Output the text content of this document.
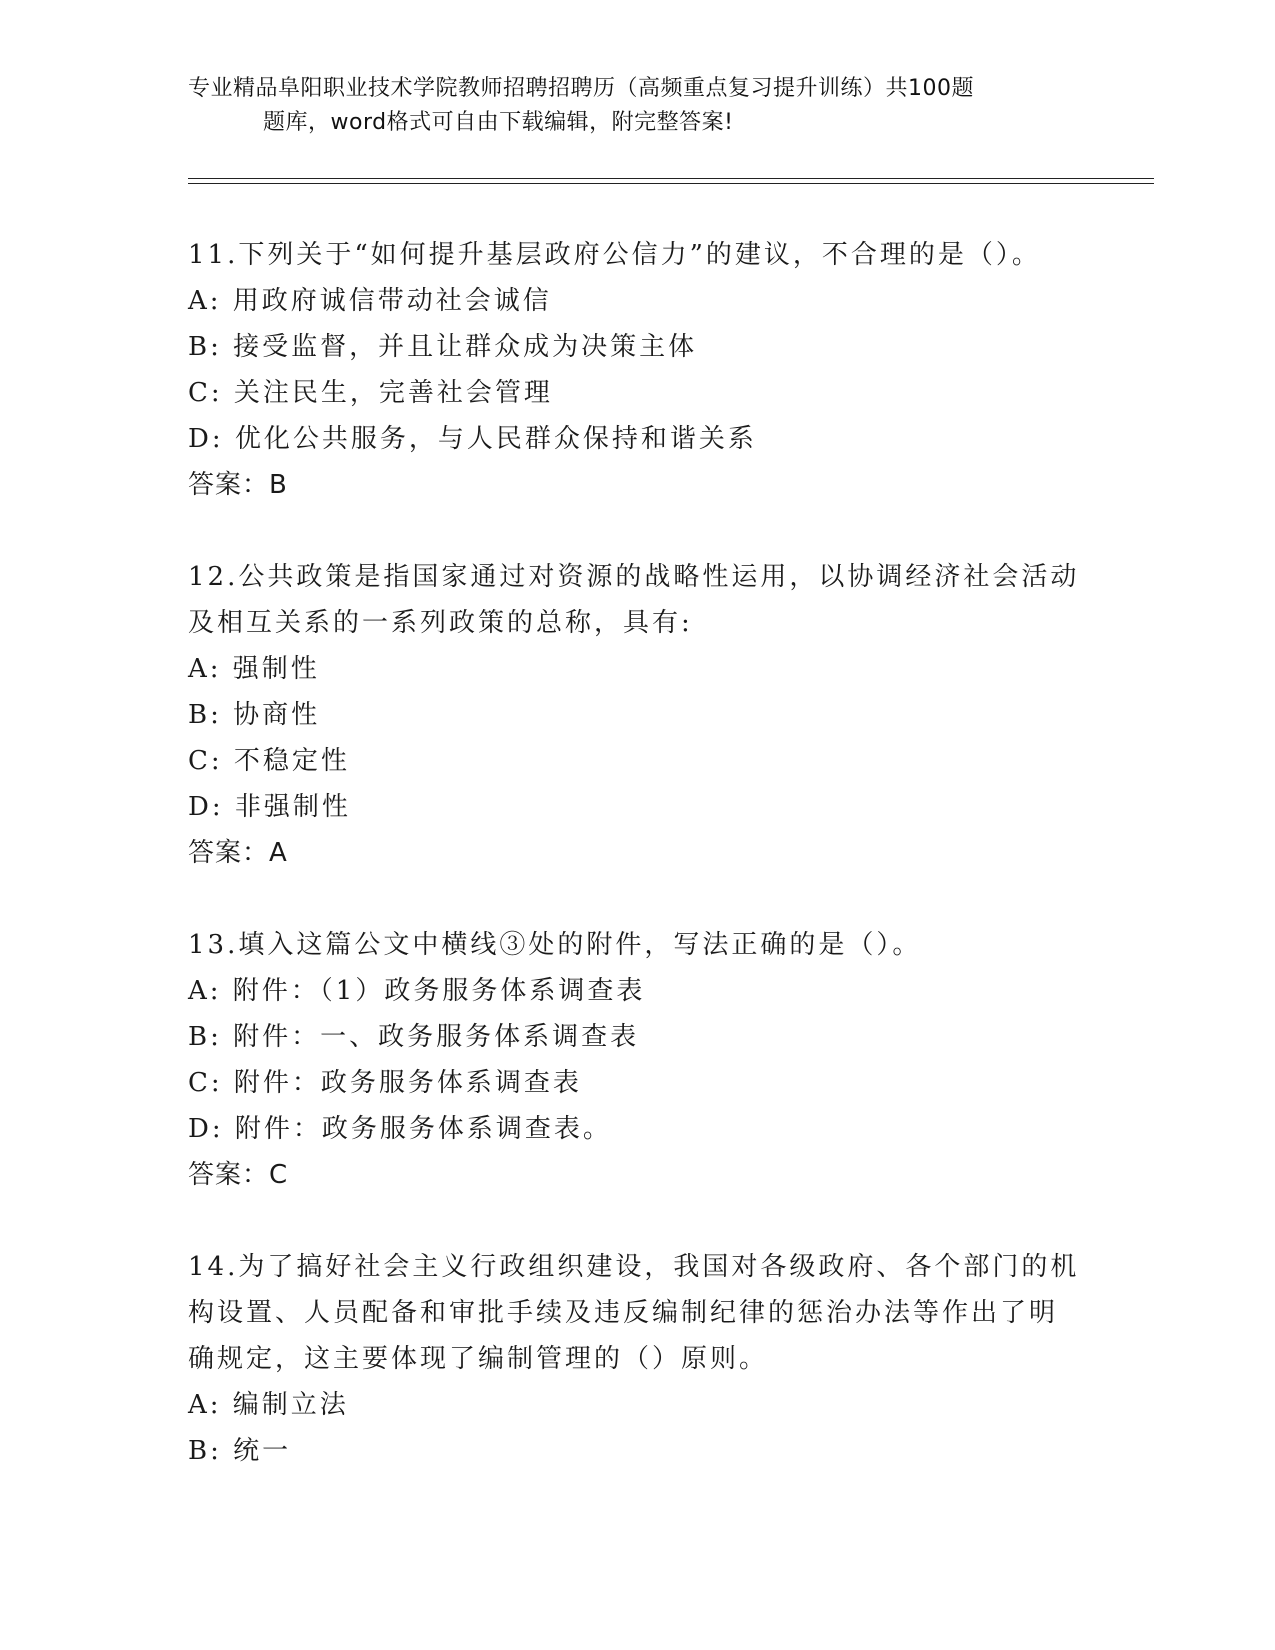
专业精品阜阳职业技术学院教师招聘招聘历（高频重点复习提升训练）共100题
题库，word格式可自由下载编辑，附完整答案!
11.下列关于“如何提升基层政府公信力”的建议，不合理的是（）。
A: 用政府诚信带动社会诚信
B: 接受监督，并且让群众成为决策主体
C: 关注民生，完善社会管理
D: 优化公共服务，与人民群众保持和谐关系
答案：B
12.公共政策是指国家通过对资源的战略性运用，以协调经济社会活动
及相互关系的一系列政策的总称，具有:
A: 强制性
B: 协商性
C: 不稳定性
D: 非强制性
答案：A
13.填入这篇公文中横线③处的附件，写法正确的是（）。
A: 附件：（1）政务服务体系调查表
B: 附件：一、政务服务体系调查表
C: 附件：政务服务体系调查表
D: 附件：政务服务体系调查表。
答案：C
14.为了搞好社会主义行政组织建设，我国对各级政府、各个部门的机
构设置、人员配备和审批手续及违反编制纪律的惩治办法等作出了明
确规定，这主要体现了编制管理的（）原则。
A: 编制立法
B: 统一
